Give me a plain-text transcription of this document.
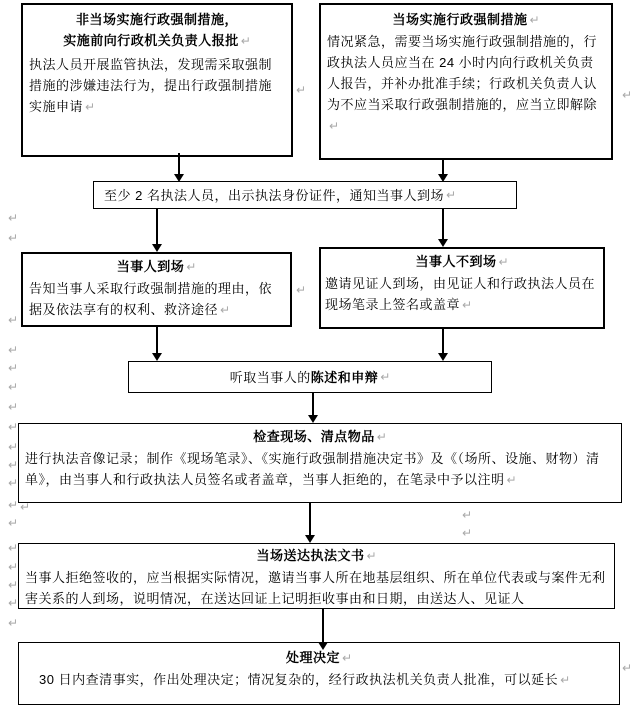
非当场实施行政强制措施，
实施前向行政机关负责人报批 ↵
执法人员开展监管执法，发现需采取强制措施的涉嫌违法行为，提出行政强制措施实施申请 ↵
当场实施行政强制措施 ↵
情况紧急，需要当场实施行政强制措施的，行政执法人员应当在 24 小时内向行政机关负责人报告，并补办批准手续；行政机关负责人认为不应当采取行政强制措施的，应当立即解除↵
至少 2 名执法人员，出示执法身份证件，通知当事人到场 ↵
当事人到场 ↵
告知当事人采取行政强制措施的理由，依据及依法享有的权利、救济途径 ↵
当事人不到场 ↵
邀请见证人到场，由见证人和行政执法人员在现场笔录上签名或盖章 ↵
听取当事人的 陈述和申辩 ↵
检查现场、清点物品 ↵
进行执法音像记录；制作《现场笔录》、《实施行政强制措施决定书》及《（场所、设施、财物）清单》，由当事人和行政执法人员签名或者盖章，当事人拒绝的，在笔录中予以注明 ↵
当场送达执法文书 ↵
当事人拒绝签收的，应当根据实际情况，邀请当事人所在地基层组织、所在单位代表或与案件无利害关系的人到场，说明情况，在送达回证上记明拒收事由和日期，由送达人、见证人
处理决定 ↵
30 日内查清事实，作出处理决定；情况复杂的，经行政执法机关负责人批准，可以延长 ↵
↵
↵
↵
↵
↵
↵
↵
↵
↵
↵
↵
↵ ↵
↵
↵
↵
↵
↵
↵
↵	↵
↵
↵
↵
↵
